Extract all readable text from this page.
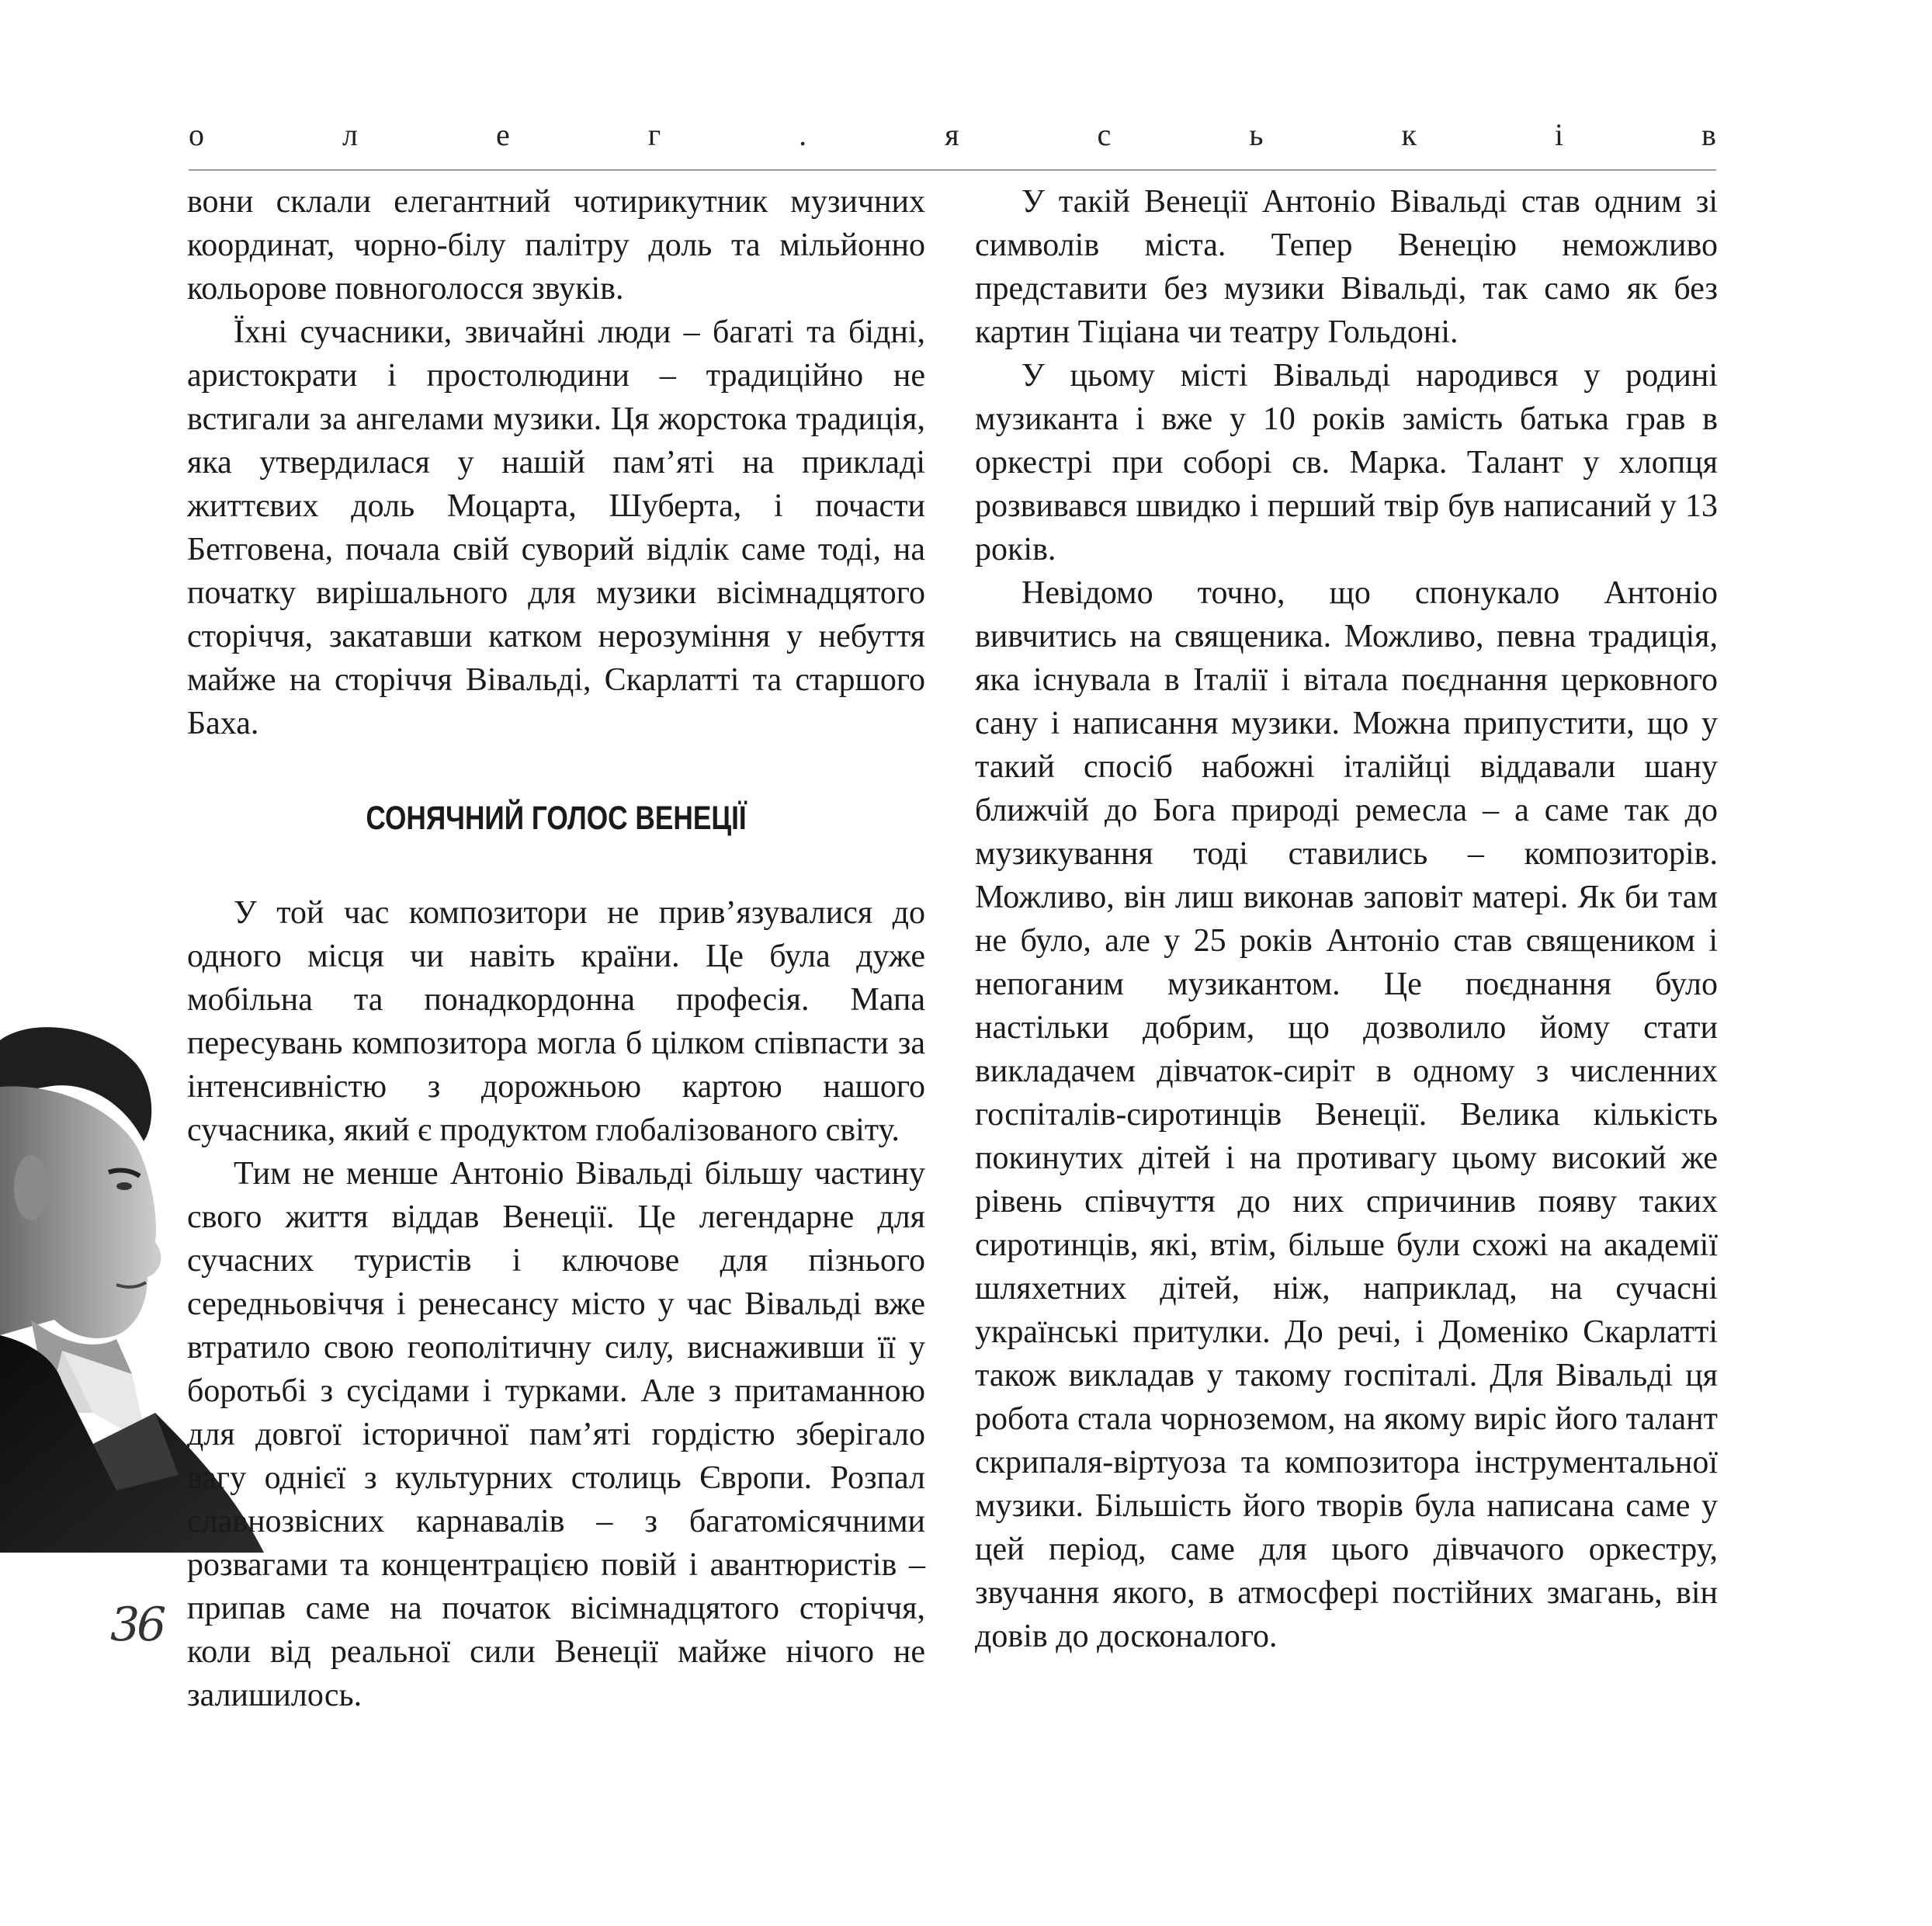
о	л	е	г	.	я	с	ь	к	і	в

вони склали елегантний чотирикутник музичних координат, чорно-білу палітру доль та мільйонно кольорове повноголосся звуків.

Їхні сучасники, звичайні люди – багаті та бідні, аристократи і простолюдини – традиційно не встигали за ангелами музики. Ця жорстока традиція, яка утвердилася у нашій пам’яті на прикладі життєвих доль Моцарта, Шуберта, і почасти Бетговена, почала свій суворий відлік саме тоді, на початку вирішального для музики вісімнадцятого сторіччя, закатавши катком нерозуміння у небуття майже на сторіччя Вівальді, Скарлатті та старшого Баха.

СОНЯЧНИЙ ГОЛОС ВЕНЕЦІЇ

У той час композитори не прив’язувалися до одного місця чи навіть країни. Це була дуже мобільна та понадкордонна професія. Мапа пересувань композитора могла б цілком співпасти за інтенсивністю з дорожньою картою нашого сучасника, який є продуктом глобалізованого світу.

Тим не менше Антоніо Вівальді більшу частину свого життя віддав Венеції. Це легендарне для сучасних туристів і ключове для пізнього середньовіччя і ренесансу місто у час Вівальді вже втратило свою геополітичну силу, виснаживши її у боротьбі з сусідами і турками. Але з притаманною для довгої історичної пам’яті гордістю зберігало вагу однієї з культурних столиць Європи. Розпал славнозвісних карнавалів – з багатомісячними розвагами та концентрацією повій і авантюристів – припав саме на початок вісімнадцятого сторіччя, коли від реальної сили Венеції майже нічого не залишилось.

У такій Венеції Антоніо Вівальді став одним зі символів міста. Тепер Венецію неможливо представити без музики Вівальді, так само як без картин Тіціана чи театру Гольдоні.

У цьому місті Вівальді народився у родині музиканта і вже у 10 років замість батька грав в оркестрі при соборі св. Марка. Талант у хлопця розвивався швидко і перший твір був написаний у 13 років.

Невідомо точно, що спонукало Антоніо вивчитись на священика. Можливо, певна традиція, яка існувала в Італії і вітала поєднання церковного сану і написання музики. Можна припустити, що у такий спосіб набожні італійці віддавали шану ближчій до Бога природі ремесла – а саме так до музикування тоді ставились – композиторів. Можливо, він лиш виконав заповіт матері. Як би там не було, але у 25 років Антоніо став священиком і непоганим музикантом. Це поєднання було настільки добрим, що дозволило йому стати викладачем дівчаток-сиріт в одному з численних госпіталів-сиротинців Венеції. Велика кількість покинутих дітей і на противагу цьому високий же рівень співчуття до них спричинив появу таких сиротинців, які, втім, більше були схожі на академії шляхетних дітей, ніж, наприклад, на сучасні українські притулки. До речі, і Доменіко Скарлатті також викладав у такому госпіталі. Для Вівальді ця робота стала чорноземом, на якому виріс його талант скрипаля-віртуоза та композитора інструментальної музики. Більшість його творів була написана саме у цей період, саме для цього дівчачого оркестру, звучання якого, в атмосфері постійних змагань, він довів до досконалого.

36
